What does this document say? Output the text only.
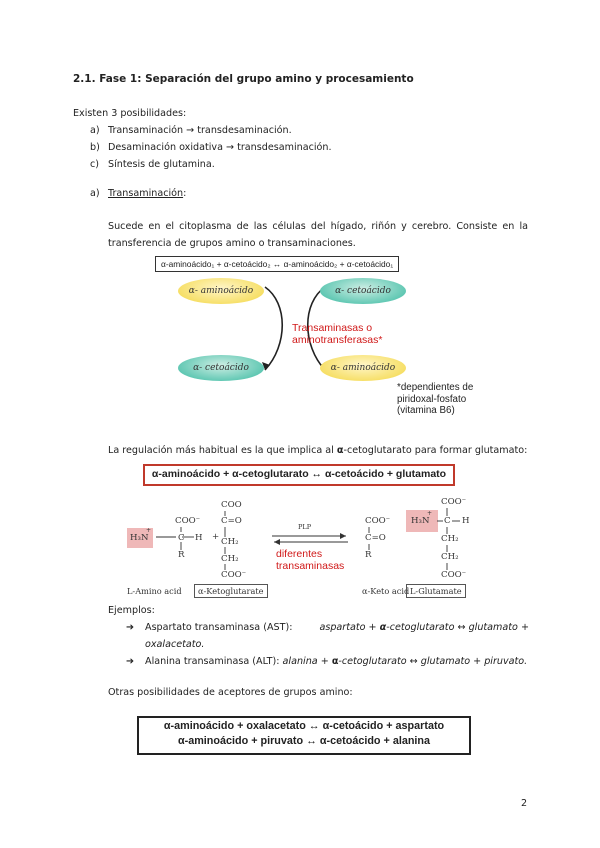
2.1. Fase 1: Separación del grupo amino y procesamiento
Existen 3 posibilidades:
a) Transaminación → transdesaminación.
b) Desaminación oxidativa → transdesaminación.
c) Síntesis de glutamina.
a) Transaminación:
Sucede en el citoplasma de las células del hígado, riñón y cerebro. Consiste en la transferencia de grupos amino o transaminaciones.
α-aminoácido₁ + α-cetoácido₂ ↔ α-aminoácido₂ + α-cetoácido₁
α- aminoácido	α- cetoácido
α- cetoácido	α- aminoácido
Transaminasas o
aminotransferasas*
*dependientes de
piridoxal-fosfato
(vitamina B6)
La regulación más habitual es la que implica al α-cetoglutarato para formar glutamato:
α-aminoácido + α-cetoglutarato ↔ α-cetoácido + glutamato
H₃N
+
COO⁻
C H
R
+
COO
C=O
CH₂
CH₂
COO⁻
PLP
diferentes
transaminasas
COO⁻
C=O
R
COO⁻
H₃N
+
C H
CH₂
CH₂
COO⁻
L-Amino acid	α-Ketoglutarate	α-Keto acid L-Glutamate
Ejemplos:
➔ Aspartato transaminasa (AST):	aspartato + α-cetoglutarato ↔ glutamato +
oxalacetato.
➔ Alanina transaminasa (ALT): alanina + α-cetoglutarato ↔ glutamato + piruvato.
Otras posibilidades de aceptores de grupos amino:
α-aminoácido + oxalacetato ↔ α-cetoácido + aspartato
α-aminoácido + piruvato ↔ α-cetoácido + alanina
2
